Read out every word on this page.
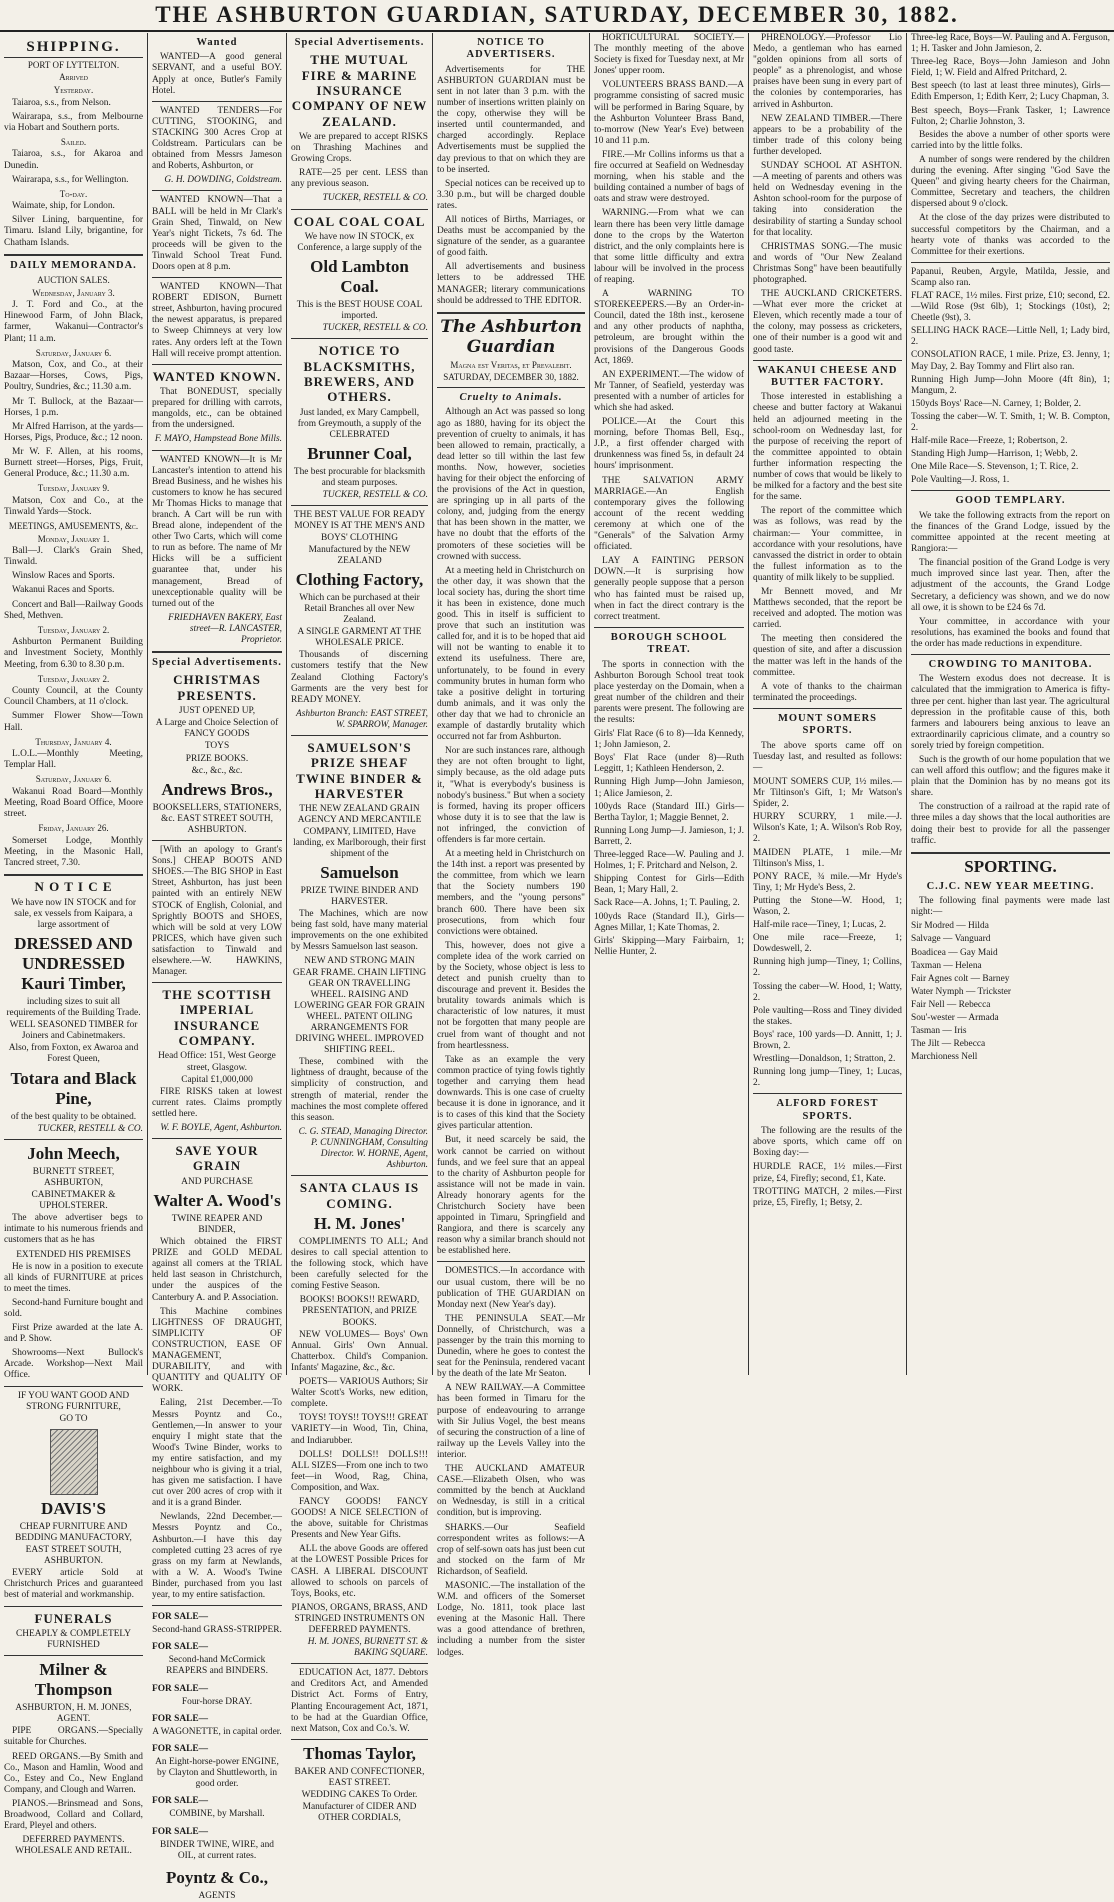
THE ASHBURTON GUARDIAN, SATURDAY, DECEMBER 30, 1882.
SHIPPING.
PORT OF LYTTELTON.
Arrived
Yesterday.
Taiaroa, s.s., from Nelson.
Wairarapa, s.s., from Melbourne via Hobart and Southern ports.
Sailed.
Taiaroa, s.s., for Akaroa and Dunedin.
Wairarapa, s.s., for Wellington.
To-day.
Waimate, ship, for London.
Silver Lining, barquentine, for Timaru. Island Lily, brigantine, for Chatham Islands.
DAILY MEMORANDA.
AUCTION SALES.
Wednesday, January 3.
J. T. Ford and Co., at the Hinewood Farm, of John Black, farmer, Wakanui—Contractor's Plant; 11 a.m.
Saturday, January 6.
Matson, Cox, and Co., at their Bazaar—Horses, Cows, Pigs, Poultry, Sundries, &c.; 11.30 a.m.
Mr T. Bullock, at the Bazaar—Horses, 1 p.m.
Mr Alfred Harrison, at the yards—Horses, Pigs, Produce, &c.; 12 noon.
Mr W. F. Allen, at his rooms, Burnett street—Horses, Pigs, Fruit, General Produce, &c.; 11.30 a.m.
Tuesday, January 9.
Matson, Cox and Co., at the Tinwald Yards—Stock.
MEETINGS, AMUSEMENTS, &c.
Monday, January 1.
Ball—J. Clark's Grain Shed, Tinwald.
Winslow Races and Sports.
Wakanui Races and Sports.
Concert and Ball—Railway Goods Shed, Methven.
Tuesday, January 2.
Ashburton Permanent Building and Investment Society, Monthly Meeting, from 6.30 to 8.30 p.m.
Tuesday, January 2.
County Council, at the County Council Chambers, at 11 o'clock.
Summer Flower Show—Town Hall.
Thursday, January 4.
L.O.L.—Monthly Meeting, Templar Hall.
Saturday, January 6.
Wakanui Road Board—Monthly Meeting, Road Board Office, Moore street.
Friday, January 26.
Somerset Lodge, Monthly Meeting, in the Masonic Hall, Tancred street, 7.30.
N O T I C E
We have now IN STOCK and for sale, ex vessels from Kaipara, a large assortment of
DRESSED AND UNDRESSED Kauri Timber,
including sizes to suit all requirements of the Building Trade.
WELL SEASONED TIMBER for Joiners and Cabinetmakers.
Also, from Foxton, ex Awaroa and Forest Queen,
Totara and Black Pine,
of the best quality to be obtained.
TUCKER, RESTELL & CO.
John Meech,
BURNETT STREET, ASHBURTON,
CABINETMAKER & UPHOLSTERER.
The above advertiser begs to intimate to his numerous friends and customers that as he has
EXTENDED HIS PREMISES
He is now in a position to execute all kinds of FURNITURE at prices to meet the times.
Second-hand Furniture bought and sold.
First Prize awarded at the late A. and P. Show.
Showrooms—Next Bullock's Arcade. Workshop—Next Mail Office.
IF YOU WANT GOOD AND STRONG FURNITURE,
GO TO
DAVIS'S
CHEAP FURNITURE AND BEDDING MANUFACTORY,
EAST STREET SOUTH, ASHBURTON.
EVERY article Sold at Christchurch Prices and guaranteed best of material and workmanship.
FUNERALS
CHEAPLY & COMPLETELY FURNISHED
Milner & Thompson
ASHBURTON, H. M. JONES, AGENT.
PIPE ORGANS.—Specially suitable for Churches.
REED ORGANS.—By Smith and Co., Mason and Hamlin, Wood and Co., Estey and Co., New England Company, and Clough and Warren.
PIANOS.—Brinsmead and Sons, Broadwood, Collard and Collard, Erard, Pleyel and others.
DEFERRED PAYMENTS. WHOLESALE AND RETAIL.
Wanted
WANTED—A good general SERVANT, and a useful BOY. Apply at once, Butler's Family Hotel.
WANTED TENDERS—For CUTTING, STOOKING, and STACKING 300 Acres Crop at Coldstream. Particulars can be obtained from Messrs Jameson and Roberts, Ashburton, or
G. H. DOWDING, Coldstream.
WANTED KNOWN—That a BALL will be held in Mr Clark's Grain Shed, Tinwald, on New Year's night Tickets, 7s 6d. The proceeds will be given to the Tinwald School Treat Fund. Doors open at 8 p.m.
WANTED KNOWN—That ROBERT EDISON, Burnett street, Ashburton, having procured the newest apparatus, is prepared to Sweep Chimneys at very low rates. Any orders left at the Town Hall will receive prompt attention.
WANTED KNOWN.
That BONEDUST, specially prepared for drilling with carrots, mangolds, etc., can be obtained from the undersigned.
F. MAYO, Hampstead Bone Mills.
WANTED KNOWN—It is Mr Lancaster's intention to attend his Bread Business, and he wishes his customers to know he has secured Mr Thomas Hicks to manage that branch. A Cart will be run with Bread alone, independent of the other Two Carts, which will come to run as before. The name of Mr Hicks will be a sufficient guarantee that, under his management, Bread of unexceptionable quality will be turned out of the
FRIEDHAVEN BAKERY, East street—R. LANCASTER, Proprietor.
Special Advertisements.
CHRISTMAS PRESENTS.
JUST OPENED UP,
A Large and Choice Selection of FANCY GOODS
TOYS
PRIZE BOOKS.
&c., &c., &c.
Andrews Bros.,
BOOKSELLERS, STATIONERS, &c. EAST STREET SOUTH, ASHBURTON.
[With an apology to Grant's Sons.] CHEAP BOOTS AND SHOES.—The BIG SHOP in East Street, Ashburton, has just been painted with an entirely NEW STOCK of English, Colonial, and Sprightly BOOTS and SHOES, which will be sold at very LOW PRICES, which have given such satisfaction to Tinwald and elsewhere.—W. HAWKINS, Manager.
THE SCOTTISH IMPERIAL INSURANCE COMPANY.
Head Office: 151, West George street, Glasgow.
Capital £1,000,000
FIRE RISKS taken at lowest current rates. Claims promptly settled here.
W. F. BOYLE, Agent, Ashburton.
SAVE YOUR GRAIN
AND PURCHASE
Walter A. Wood's
TWINE REAPER AND BINDER,
Which obtained the FIRST PRIZE and GOLD MEDAL against all comers at the TRIAL held last season in Christchurch, under the auspices of the Canterbury A. and P. Association.
This Machine combines LIGHTNESS OF DRAUGHT, SIMPLICITY OF CONSTRUCTION, EASE OF MANAGEMENT, DURABILITY, and with QUANTITY and QUALITY OF WORK.
Ealing, 21st December.—To Messrs Poyntz and Co., Gentlemen,—In answer to your enquiry I might state that the Wood's Twine Binder, works to my entire satisfaction, and my neighbour who is giving it a trial, has given me satisfaction. I have cut over 200 acres of crop with it and it is a grand Binder.
Newlands, 22nd December.—Messrs Poyntz and Co., Ashburton.—I have this day completed cutting 23 acres of rye grass on my farm at Newlands, with a W. A. Wood's Twine Binder, purchased from you last year, to my entire satisfaction.
FOR SALE—
Second-hand GRASS-STRIPPER.
FOR SALE—
Second-hand McCormick REAPERS and BINDERS.
FOR SALE—
Four-horse DRAY.
FOR SALE—
A WAGONETTE, in capital order.
FOR SALE—
An Eight-horse-power ENGINE, by Clayton and Shuttleworth, in good order.
FOR SALE—
COMBINE, by Marshall.
FOR SALE—
BINDER TWINE, WIRE, and OIL, at current rates.
Poyntz & Co.,
AGENTS
Special Advertisements.
THE MUTUAL FIRE & MARINE INSURANCE COMPANY OF NEW ZEALAND.
We are prepared to accept RISKS on Thrashing Machines and Growing Crops.
RATE—25 per cent. LESS than any previous season.
TUCKER, RESTELL & CO.
COAL COAL COAL
We have now IN STOCK, ex Conference, a large supply of the
Old Lambton Coal.
This is the BEST HOUSE COAL imported.
TUCKER, RESTELL & CO.
NOTICE TO BLACKSMITHS, BREWERS, AND OTHERS.
Just landed, ex Mary Campbell, from Greymouth, a supply of the CELEBRATED
Brunner Coal,
The best procurable for blacksmith and steam purposes.
TUCKER, RESTELL & CO.
THE BEST VALUE FOR READY MONEY IS AT THE MEN'S AND BOYS' CLOTHING
Manufactured by the NEW ZEALAND
Clothing Factory,
Which can be purchased at their Retail Branches all over New Zealand.
A SINGLE GARMENT AT THE WHOLESALE PRICE.
Thousands of discerning customers testify that the New Zealand Clothing Factory's Garments are the very best for READY MONEY.
Ashburton Branch: EAST STREET, W. SPARROW, Manager.
SAMUELSON'S PRIZE SHEAF TWINE BINDER & HARVESTER
THE NEW ZEALAND GRAIN AGENCY AND MERCANTILE COMPANY, LIMITED, Have landing, ex Marlborough, their first shipment of the
Samuelson
PRIZE TWINE BINDER AND HARVESTER.
The Machines, which are now being fast sold, have many material improvements on the one exhibited by Messrs Samuelson last season.
NEW AND STRONG MAIN GEAR FRAME. CHAIN LIFTING GEAR ON TRAVELLING WHEEL. RAISING AND LOWERING GEAR FOR GRAIN WHEEL. PATENT OILING ARRANGEMENTS FOR DRIVING WHEEL. IMPROVED SHIFTING REEL.
These, combined with the lightness of draught, because of the simplicity of construction, and strength of material, render the machines the most complete offered this season.
C. G. STEAD, Managing Director. P. CUNNINGHAM, Consulting Director. W. HORNE, Agent, Ashburton.
SANTA CLAUS IS COMING.
H. M. Jones'
COMPLIMENTS TO ALL; And desires to call special attention to the following stock, which have been carefully selected for the coming Festive Season.
BOOKS! BOOKS!! REWARD, PRESENTATION, and PRIZE BOOKS.
NEW VOLUMES— Boys' Own Annual. Girls' Own Annual. Chatterbox. Child's Companion. Infants' Magazine, &c., &c.
POETS— VARIOUS Authors; Sir Walter Scott's Works, new edition, complete.
TOYS! TOYS!! TOYS!!! GREAT VARIETY—in Wood, Tin, China, and Indiarubber.
DOLLS! DOLLS!! DOLLS!!! ALL SIZES—From one inch to two feet—in Wood, Rag, China, Composition, and Wax.
FANCY GOODS! FANCY GOODS! A NICE SELECTION of the above, suitable for Christmas Presents and New Year Gifts.
ALL the above Goods are offered at the LOWEST Possible Prices for CASH. A LIBERAL DISCOUNT allowed to schools on parcels of Toys, Books, etc.
PIANOS, ORGANS, BRASS, AND STRINGED INSTRUMENTS ON DEFERRED PAYMENTS.
H. M. JONES, BURNETT ST. & BAKING SQUARE.
EDUCATION Act, 1877. Debtors and Creditors Act, and Amended District Act. Forms of Entry, Planting Encouragement Act, 1871, to be had at the Guardian Office, next Matson, Cox and Co.'s. W.
Thomas Taylor,
BAKER AND CONFECTIONER, EAST STREET.
WEDDING CAKES To Order.
Manufacturer of CIDER AND OTHER CORDIALS,
NOTICE TO ADVERTISERS.
Advertisements for THE ASHBURTON GUARDIAN must be sent in not later than 3 p.m. with the number of insertions written plainly on the copy, otherwise they will be inserted until countermanded, and charged accordingly. Replace Advertisements must be supplied the day previous to that on which they are to be inserted.
Special notices can be received up to 3.30 p.m., but will be charged double rates.
All notices of Births, Marriages, or Deaths must be accompanied by the signature of the sender, as a guarantee of good faith.
All advertisements and business letters to be addressed THE MANAGER; literary communications should be addressed to THE EDITOR.
The Ashburton Guardian
Magna est Veritas, et Prevalebit.
SATURDAY, DECEMBER 30, 1882.
Cruelty to Animals.
Although an Act was passed so long ago as 1880, having for its object the prevention of cruelty to animals, it has been allowed to remain, practically, a dead letter so till within the last few months. Now, however, societies having for their object the enforcing of the provisions of the Act in question, are springing up in all parts of the colony, and, judging from the energy that has been shown in the matter, we have no doubt that the efforts of the promoters of these societies will be crowned with success.
At a meeting held in Christchurch on the other day, it was shown that the local society has, during the short time it has been in existence, done much good. This in itself is sufficient to prove that such an institution was called for, and it is to be hoped that aid will not be wanting to enable it to extend its usefulness. There are, unfortunately, to be found in every community brutes in human form who take a positive delight in torturing dumb animals, and it was only the other day that we had to chronicle an example of dastardly brutality which occurred not far from Ashburton.
Nor are such instances rare, although they are not often brought to light, simply because, as the old adage puts it, "What is everybody's business is nobody's business." But when a society is formed, having its proper officers whose duty it is to see that the law is not infringed, the conviction of offenders is far more certain.
At a meeting held in Christchurch on the 14th inst. a report was presented by the committee, from which we learn that the Society numbers 190 members, and the "young persons" branch 600. There have been six prosecutions, from which four convictions were obtained.
This, however, does not give a complete idea of the work carried on by the Society, whose object is less to detect and punish cruelty than to discourage and prevent it. Besides the brutality towards animals which is characteristic of low natures, it must not be forgotten that many people are cruel from want of thought and not from heartlessness.
Take as an example the very common practice of tying fowls tightly together and carrying them head downwards. This is one case of cruelty because it is done in ignorance, and it is to cases of this kind that the Society gives particular attention.
But, it need scarcely be said, the work cannot be carried on without funds, and we feel sure that an appeal to the charity of Ashburton people for assistance will not be made in vain. Already honorary agents for the Christchurch Society have been appointed in Timaru, Springfield and Rangiora, and there is scarcely any reason why a similar branch should not be established here.
DOMESTICS.—In accordance with our usual custom, there will be no publication of THE GUARDIAN on Monday next (New Year's day).
THE PENINSULA SEAT.—Mr Donnelly, of Christchurch, was a passenger by the train this morning to Dunedin, where he goes to contest the seat for the Peninsula, rendered vacant by the death of the late Mr Seaton.
A NEW RAILWAY.—A Committee has been formed in Timaru for the purpose of endeavouring to arrange with Sir Julius Vogel, the best means of securing the construction of a line of railway up the Levels Valley into the interior.
THE AUCKLAND AMATEUR CASE.—Elizabeth Olsen, who was committed by the bench at Auckland on Wednesday, is still in a critical condition, but is improving.
SHARKS.—Our Seafield correspondent writes as follows:—A crop of self-sown oats has just been cut and stocked on the farm of Mr Richardson, of Seafield.
MASONIC.—The installation of the W.M. and officers of the Somerset Lodge, No. 1811, took place last evening at the Masonic Hall. There was a good attendance of brethren, including a number from the sister lodges.
HORTICULTURAL SOCIETY.—The monthly meeting of the above Society is fixed for Tuesday next, at Mr Jones' upper room.
VOLUNTEERS BRASS BAND.—A programme consisting of sacred music will be performed in Baring Square, by the Ashburton Volunteer Brass Band, to-morrow (New Year's Eve) between 10 and 11 p.m.
FIRE.—Mr Collins informs us that a fire occurred at Seafield on Wednesday morning, when his stable and the building contained a number of bags of oats and straw were destroyed.
WARNING.—From what we can learn there has been very little damage done to the crops by the Waterton district, and the only complaints here is that some little difficulty and extra labour will be involved in the process of reaping.
A WARNING TO STOREKEEPERS.—By an Order-in-Council, dated the 18th inst., kerosene and any other products of naphtha, petroleum, are brought within the provisions of the Dangerous Goods Act, 1869.
AN EXPERIMENT.—The widow of Mr Tanner, of Seafield, yesterday was presented with a number of articles for which she had asked.
POLICE.—At the Court this morning, before Thomas Bell, Esq., J.P., a first offender charged with drunkenness was fined 5s, in default 24 hours' imprisonment.
THE SALVATION ARMY MARRIAGE.—An English contemporary gives the following account of the recent wedding ceremony at which one of the "Generals" of the Salvation Army officiated.
LAY A FAINTING PERSON DOWN.—It is surprising how generally people suppose that a person who has fainted must be raised up, when in fact the direct contrary is the correct treatment.
BOROUGH SCHOOL TREAT.
The sports in connection with the Ashburton Borough School treat took place yesterday on the Domain, when a great number of the children and their parents were present. The following are the results:
Girls' Flat Race (6 to 8)—Ida Kennedy, 1; John Jamieson, 2.
Boys' Flat Race (under 8)—Ruth Leggitt, 1; Kathleen Henderson, 2.
Running High Jump—John Jamieson, 1; Alice Jamieson, 2.
100yds Race (Standard III.) Girls—Bertha Taylor, 1; Maggie Bennet, 2.
Running Long Jump—J. Jamieson, 1; J. Barrett, 2.
Three-legged Race—W. Pauling and J. Holmes, 1; F. Pritchard and Nelson, 2.
Shipping Contest for Girls—Edith Bean, 1; Mary Hall, 2.
Sack Race—A. Johns, 1; T. Pauling, 2.
100yds Race (Standard II.), Girls—Agnes Millar, 1; Kate Thomas, 2.
Girls' Skipping—Mary Fairbairn, 1; Nellie Hunter, 2.
PHRENOLOGY.—Professor Lio Medo, a gentleman who has earned "golden opinions from all sorts of people" as a phrenologist, and whose praises have been sung in every part of the colonies by contemporaries, has arrived in Ashburton.
NEW ZEALAND TIMBER.—There appears to be a probability of the timber trade of this colony being further developed.
SUNDAY SCHOOL AT ASHTON.—A meeting of parents and others was held on Wednesday evening in the Ashton school-room for the purpose of taking into consideration the desirability of starting a Sunday school for that locality.
CHRISTMAS SONG.—The music and words of "Our New Zealand Christmas Song" have been beautifully photographed.
THE AUCKLAND CRICKETERS.—What ever more the cricket at Eleven, which recently made a tour of the colony, may possess as cricketers, one of their number is a good wit and good taste.
WAKANUI CHEESE AND BUTTER FACTORY.
Those interested in establishing a cheese and butter factory at Wakanui held an adjourned meeting in the school-room on Wednesday last, for the purpose of receiving the report of the committee appointed to obtain further information respecting the number of cows that would be likely to be milked for a factory and the best site for the same.
The report of the committee which was as follows, was read by the chairman:— Your committee, in accordance with your resolutions, have canvassed the district in order to obtain the fullest information as to the quantity of milk likely to be supplied.
Mr Bennett moved, and Mr Matthews seconded, that the report be received and adopted. The motion was carried.
The meeting then considered the question of site, and after a discussion the matter was left in the hands of the committee.
A vote of thanks to the chairman terminated the proceedings.
MOUNT SOMERS SPORTS.
The above sports came off on Tuesday last, and resulted as follows:—
MOUNT SOMERS CUP, 1½ miles.—Mr Tiltinson's Gift, 1; Mr Watson's Spider, 2.
HURRY SCURRY, 1 mile.—J. Wilson's Kate, 1; A. Wilson's Rob Roy, 2.
MAIDEN PLATE, 1 mile.—Mr Tiltinson's Miss, 1.
PONY RACE, ¾ mile.—Mr Hyde's Tiny, 1; Mr Hyde's Bess, 2.
Putting the Stone—W. Hood, 1; Wason, 2.
Half-mile race—Tiney, 1; Lucas, 2.
One mile race—Freeze, 1; Dowdeswell, 2.
Running high jump—Tiney, 1; Collins, 2.
Tossing the caber—W. Hood, 1; Watty, 2.
Pole vaulting—Ross and Tiney divided the stakes.
Boys' race, 100 yards—D. Annitt, 1; J. Brown, 2.
Wrestling—Donaldson, 1; Stratton, 2.
Running long jump—Tiney, 1; Lucas, 2.
ALFORD FOREST SPORTS.
The following are the results of the above sports, which came off on Boxing day:—
HURDLE RACE, 1½ miles.—First prize, £4, Firefly; second, £1, Kate.
TROTTING MATCH, 2 miles.—First prize, £5, Firefly, 1; Betsy, 2.
Three-leg Race, Boys—W. Pauling and A. Ferguson, 1; H. Tasker and John Jamieson, 2.
Three-leg Race, Boys—John Jamieson and John Field, 1; W. Field and Alfred Pritchard, 2.
Best speech (to last at least three minutes), Girls—Edith Emperson, 1; Edith Kerr, 2; Lucy Chapman, 3.
Best speech, Boys—Frank Tasker, 1; Lawrence Fulton, 2; Charlie Johnston, 3.
Besides the above a number of other sports were carried into by the little folks.
A number of songs were rendered by the children during the evening. After singing "God Save the Queen" and giving hearty cheers for the Chairman, Committee, Secretary and teachers, the children dispersed about 9 o'clock.
At the close of the day prizes were distributed to successful competitors by the Chairman, and a hearty vote of thanks was accorded to the Committee for their exertions.
Papanui, Reuben, Argyle, Matilda, Jessie, and Scamp also ran.
FLAT RACE, 1½ miles. First prize, £10; second, £2.—Wild Rose (9st 6lb), 1; Stockings (10st), 2; Cheetle (9st), 3.
SELLING HACK RACE—Little Nell, 1; Lady bird, 2.
CONSOLATION RACE, 1 mile. Prize, £3. Jenny, 1; May Day, 2. Bay Tommy and Flirt also ran.
Running High Jump—John Moore (4ft 8in), 1; Mangum, 2.
150yds Boys' Race—N. Carney, 1; Bolder, 2.
Tossing the caber—W. T. Smith, 1; W. B. Compton, 2.
Half-mile Race—Freeze, 1; Robertson, 2.
Standing High Jump—Harrison, 1; Webb, 2.
One Mile Race—S. Stevenson, 1; T. Rice, 2.
Pole Vaulting—J. Ross, 1.
GOOD TEMPLARY.
We take the following extracts from the report on the finances of the Grand Lodge, issued by the committee appointed at the recent meeting at Rangiora:—
The financial position of the Grand Lodge is very much improved since last year. Then, after the adjustment of the accounts, the Grand Lodge Secretary, a deficiency was shown, and we do now all owe, it is shown to be £24 6s 7d.
Your committee, in accordance with your resolutions, has examined the books and found that the order has made reductions in expenditure.
CROWDING TO MANITOBA.
The Western exodus does not decrease. It is calculated that the immigration to America is fifty-three per cent. higher than last year. The agricultural depression in the profitable cause of this, both farmers and labourers being anxious to leave an extraordinarily capricious climate, and a country so sorely tried by foreign competition.
Such is the growth of our home population that we can well afford this outflow; and the figures make it plain that the Dominion has by no means got its share.
The construction of a railroad at the rapid rate of three miles a day shows that the local authorities are doing their best to provide for all the passenger traffic.
SPORTING.
C.J.C. NEW YEAR MEETING.
The following final payments were made last night:—
Sir Modred — Hilda
Salvage — Vanguard
Boadicea — Gay Maid
Taxman — Helena
Fair Agnes colt — Barney
Water Nymph — Trickster
Fair Nell — Rebecca
Sou'-wester — Armada
Tasman — Iris
The Jilt — Rebecca
Marchioness Nell
